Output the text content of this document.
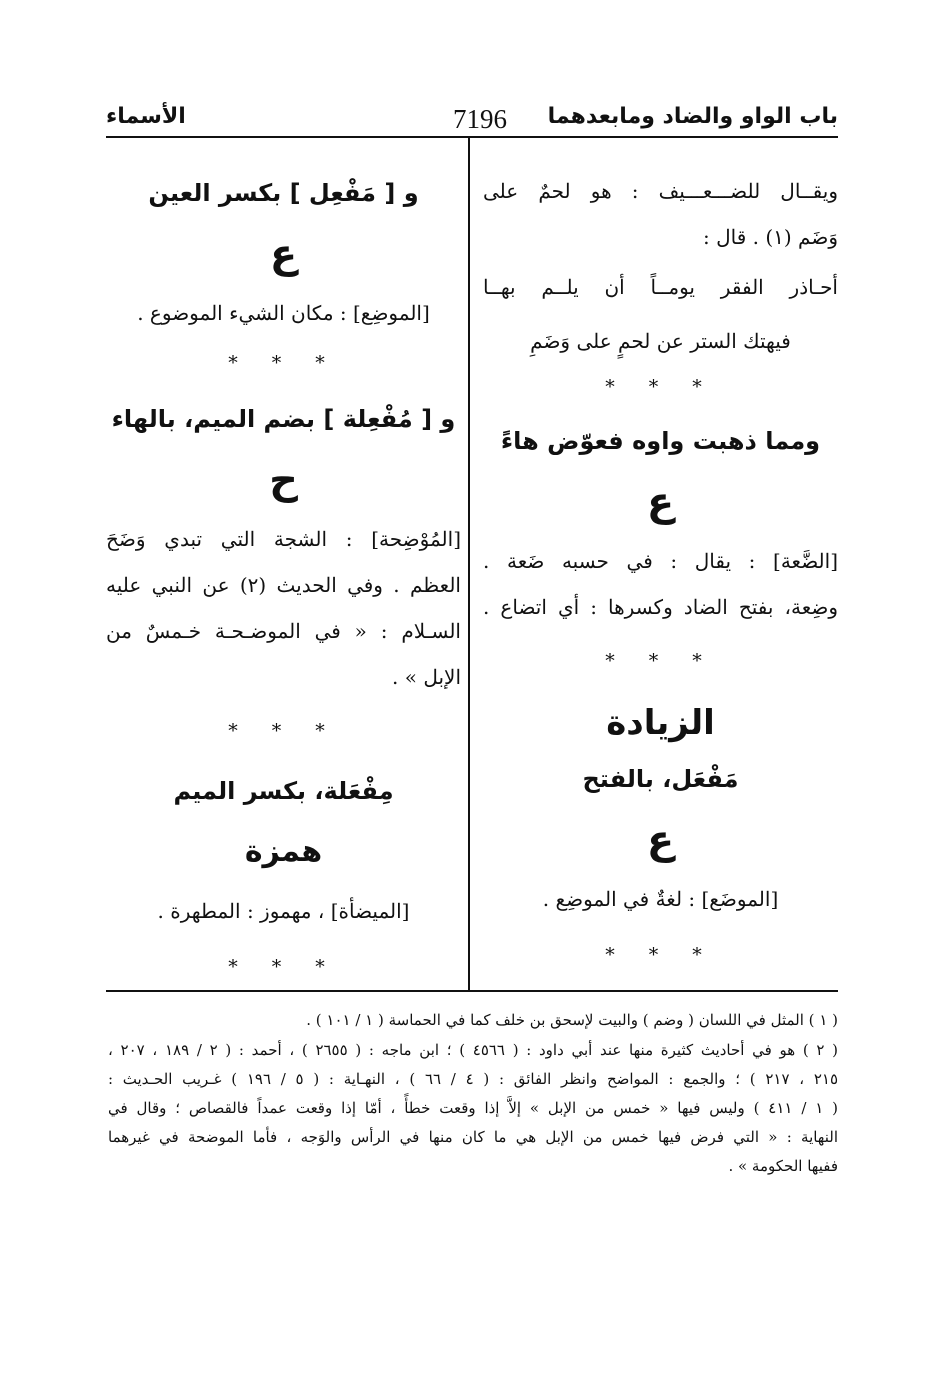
باب الواو والضاد ومابعدهما
7196
الأسماء
ويقــال للضـــعـــيف : هو لحمٌ على
وَضَم (١) . قال :
أحـاذر الفقر يومــاً أن يلــم بهــا
فيهتك الستر عن لحمٍ على وَضَمِ
* * *
ومما ذهبت واوه فعوّض هاءً
ع
[الضَّعة] : يقال : في حسبه ضَعة .
وضِعة، بفتح الضاد وكسرها : أي اتضاع .
* * *
الزيادة
مَفْعَل، بالفتح
ع
[الموضَع] : لغةٌ في الموضِع .
* * *
و [ مَفْعِل ] بكسر العين
ع
[الموضِع] : مكان الشيء الموضوع .
* * *
و [ مُفْعِلة ] بضم الميم، بالهاء
ح
[المُوْضِحة] : الشجة التي تبدي وَضَحَ
العظم . وفي الحديث (٢) عن النبي عليه
السـلام : « في الموضـحـة خـمسٌ من
الإبل » .
* * *
مِفْعَلة، بكسر الميم
همزة
[الميضأة] ، مهموز : المطهرة .
* * *
( ١ ) المثل في اللسان ( وضم ) والبيت لإسحق بن خلف كما في الحماسة ( ١ / ١٠١ ) .
( ٢ ) هو في أحاديث كثيرة منها عند أبي داود : ( ٤٥٦٦ ) ؛ ابن ماجه : ( ٢٦٥٥ ) ، أحمد : ( ٢ / ١٨٩ ، ٢٠٧ ،
٢١٥ ، ٢١٧ ) ؛ والجمع : المواضح وانظر الفائق : ( ٤ / ٦٦ ) ، النهـاية : ( ٥ / ١٩٦ ) غـريب الحـديث :
( ١ / ٤١١ ) وليس فيها « خمس من الإبل » إلاَّ إذا وقعت خطأً ، أمّا إذا وقعت عمداً فالقصاص ؛ وقال في
النهاية : « التي فرض فيها خمس من الإبل هي ما كان منها في الرأس والوَجه ، فأما الموضحة في غيرهما
ففيها الحكومة » .
